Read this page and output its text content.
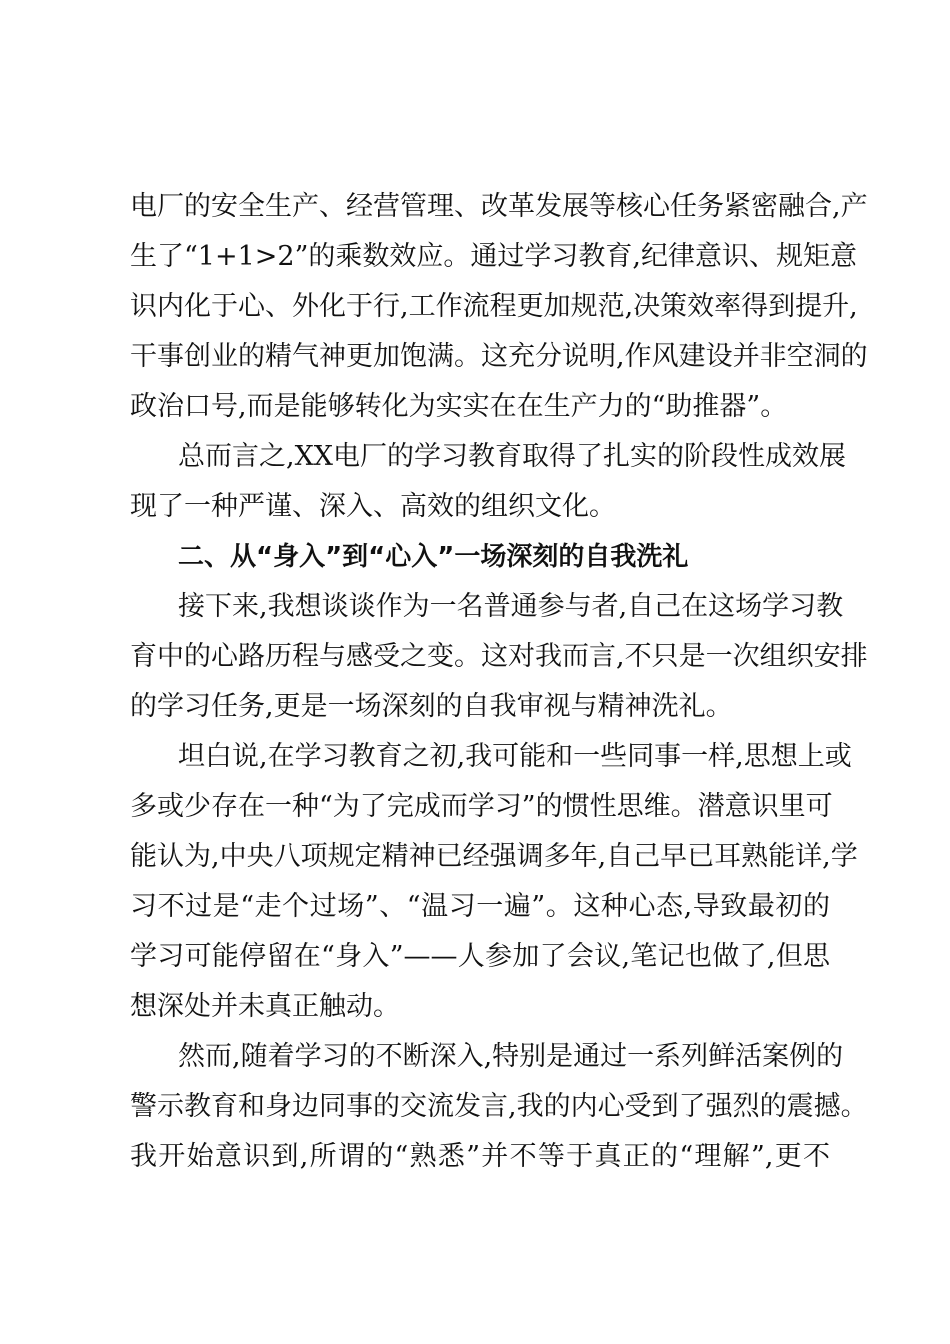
电厂的安全生产、经营管理、改革发展等核心任务紧密融合,产

生了“1+1>2”的乘数效应。通过学习教育,纪律意识、规矩意

识内化于心、外化于行,工作流程更加规范,决策效率得到提升,

干事创业的精气神更加饱满。这充分说明,作风建设并非空洞的

政治口号,而是能够转化为实实在在生产力的“助推器”。

总而言之,XX电厂的学习教育取得了扎实的阶段性成效展

现了一种严谨、深入、高效的组织文化。

二、从“身入”到“心入”一场深刻的自我洗礼

接下来,我想谈谈作为一名普通参与者,自己在这场学习教

育中的心路历程与感受之变。这对我而言,不只是一次组织安排

的学习任务,更是一场深刻的自我审视与精神洗礼。

坦白说,在学习教育之初,我可能和一些同事一样,思想上或

多或少存在一种“为了完成而学习”的惯性思维。潜意识里可

能认为,中央八项规定精神已经强调多年,自己早已耳熟能详,学

习不过是“走个过场”、“温习一遍”。这种心态,导致最初的

学习可能停留在“身入”——人参加了会议,笔记也做了,但思

想深处并未真正触动。

然而,随着学习的不断深入,特别是通过一系列鲜活案例的

警示教育和身边同事的交流发言,我的内心受到了强烈的震撼。

我开始意识到,所谓的“熟悉”并不等于真正的“理解”,更不
